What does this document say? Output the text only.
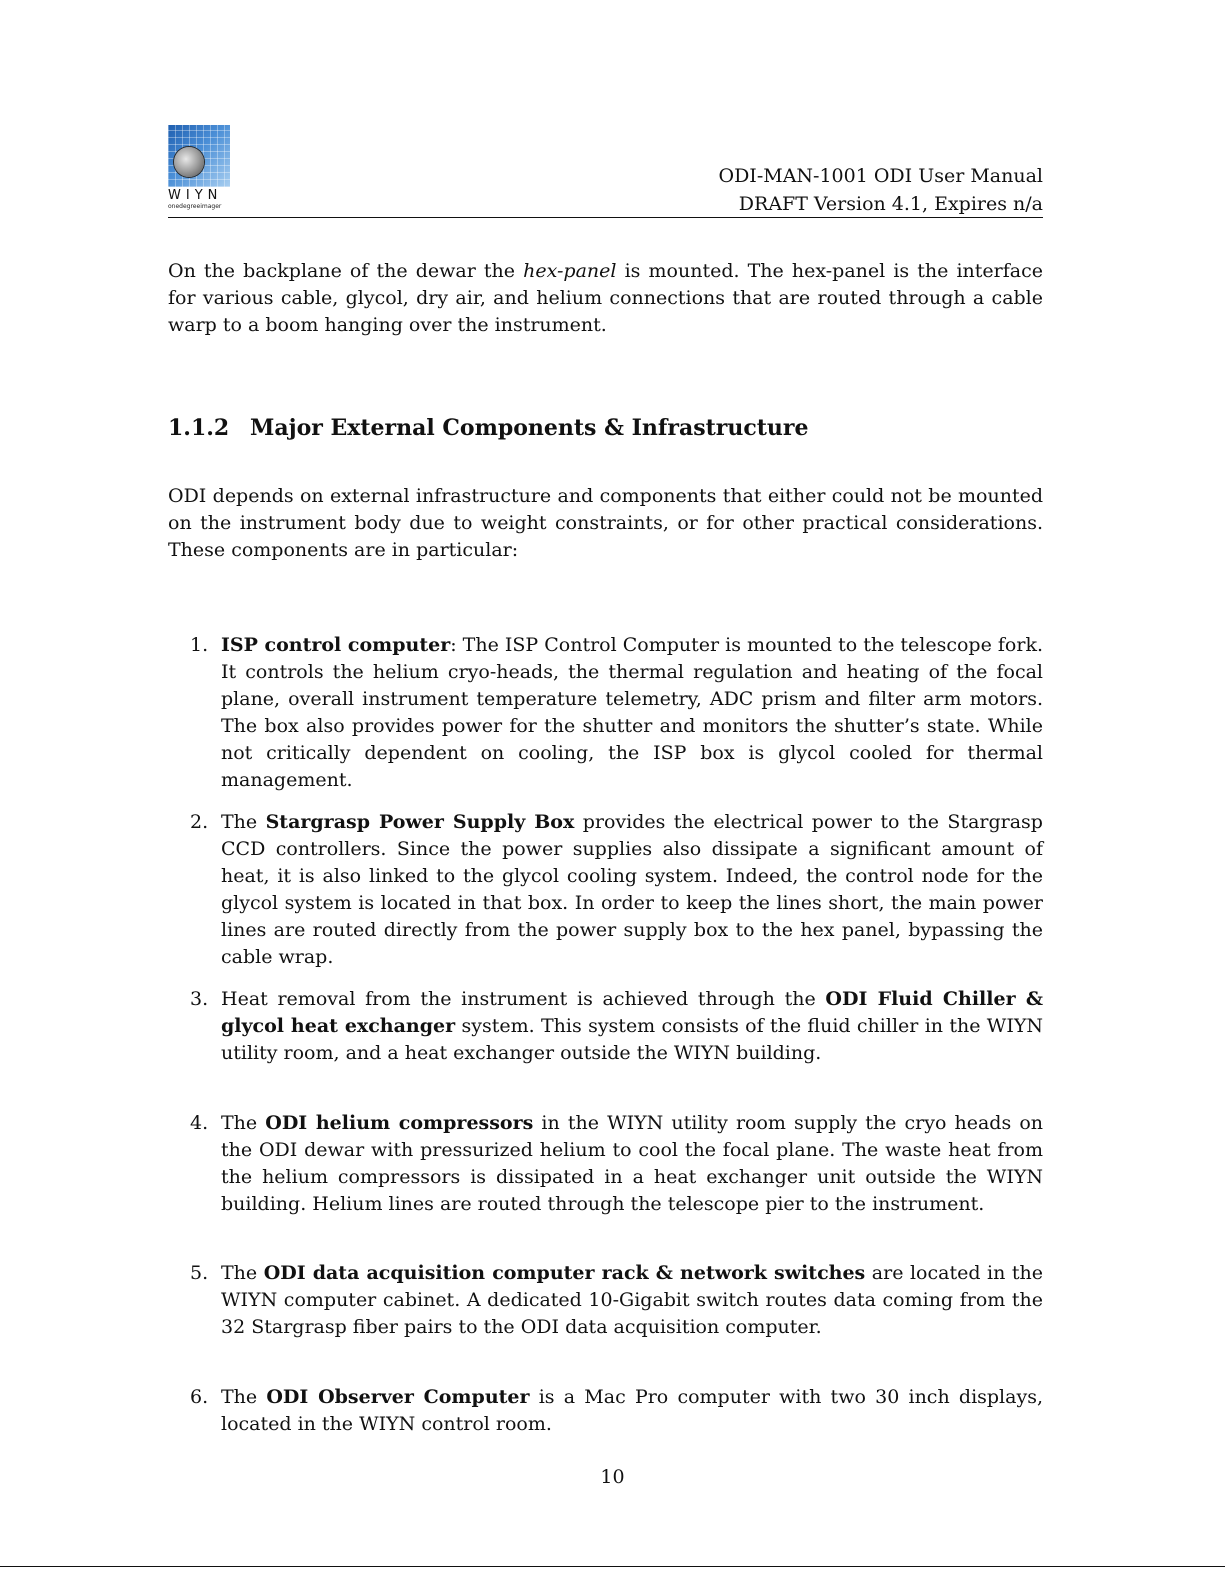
WIYN
onedegreeimager
ODI-MAN-1001 ODI User Manual
DRAFT Version 4.1, Expires n/a
On the backplane of the dewar the hex-panel is mounted. The hex-panel is the interface for various cable, glycol, dry air, and helium connections that are routed through a cable warp to a boom hanging over the instrument.
1.1.2 Major External Components & Infrastructure
ODI depends on external infrastructure and components that either could not be mounted on the instrument body due to weight constraints, or for other practical considerations. These components are in particular:
1. ISP control computer: The ISP Control Computer is mounted to the telescope fork. It controls the helium cryo-heads, the thermal regulation and heating of the focal plane, overall instrument temperature telemetry, ADC prism and filter arm motors. The box also provides power for the shutter and monitors the shutter’s state. While not critically dependent on cooling, the ISP box is glycol cooled for thermal management.
2. The Stargrasp Power Supply Box provides the electrical power to the Stargrasp CCD controllers. Since the power supplies also dissipate a significant amount of heat, it is also linked to the glycol cooling system. Indeed, the control node for the glycol system is located in that box. In order to keep the lines short, the main power lines are routed directly from the power supply box to the hex panel, bypassing the cable wrap.
3. Heat removal from the instrument is achieved through the ODI Fluid Chiller & glycol heat exchanger system. This system consists of the fluid chiller in the WIYN utility room, and a heat exchanger outside the WIYN building.
4. The ODI helium compressors in the WIYN utility room supply the cryo heads on the ODI dewar with pressurized helium to cool the focal plane. The waste heat from the helium compressors is dissipated in a heat exchanger unit outside the WIYN building. Helium lines are routed through the telescope pier to the instrument.
5. The ODI data acquisition computer rack & network switches are located in the WIYN computer cabinet. A dedicated 10-Gigabit switch routes data coming from the 32 Stargrasp fiber pairs to the ODI data acquisition computer.
6. The ODI Observer Computer is a Mac Pro computer with two 30 inch displays, located in the WIYN control room.
10
